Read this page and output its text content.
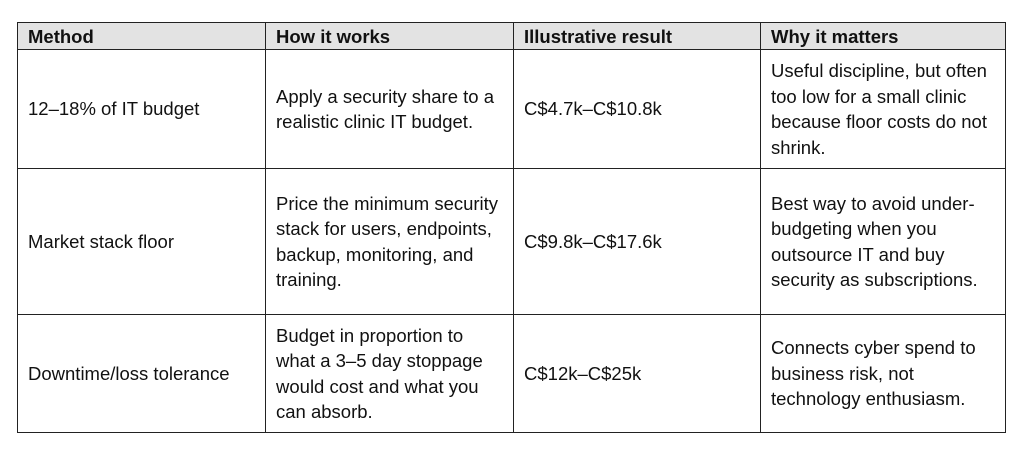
Method	How it works	Illustrative result	Why it matters
12–18% of IT budget	Apply a security share to a realistic clinic IT budget.	C$4.7k–C$10.8k	Useful discipline, but often too low for a small clinic because floor costs do not shrink.
Market stack floor	Price the minimum security stack for users, endpoints, backup, monitoring, and training.	C$9.8k–C$17.6k	Best way to avoid under-budgeting when you outsource IT and buy security as subscriptions.
Downtime/loss tolerance	Budget in proportion to what a 3–5 day stoppage would cost and what you can absorb.	C$12k–C$25k	Connects cyber spend to business risk, not technology enthusiasm.
